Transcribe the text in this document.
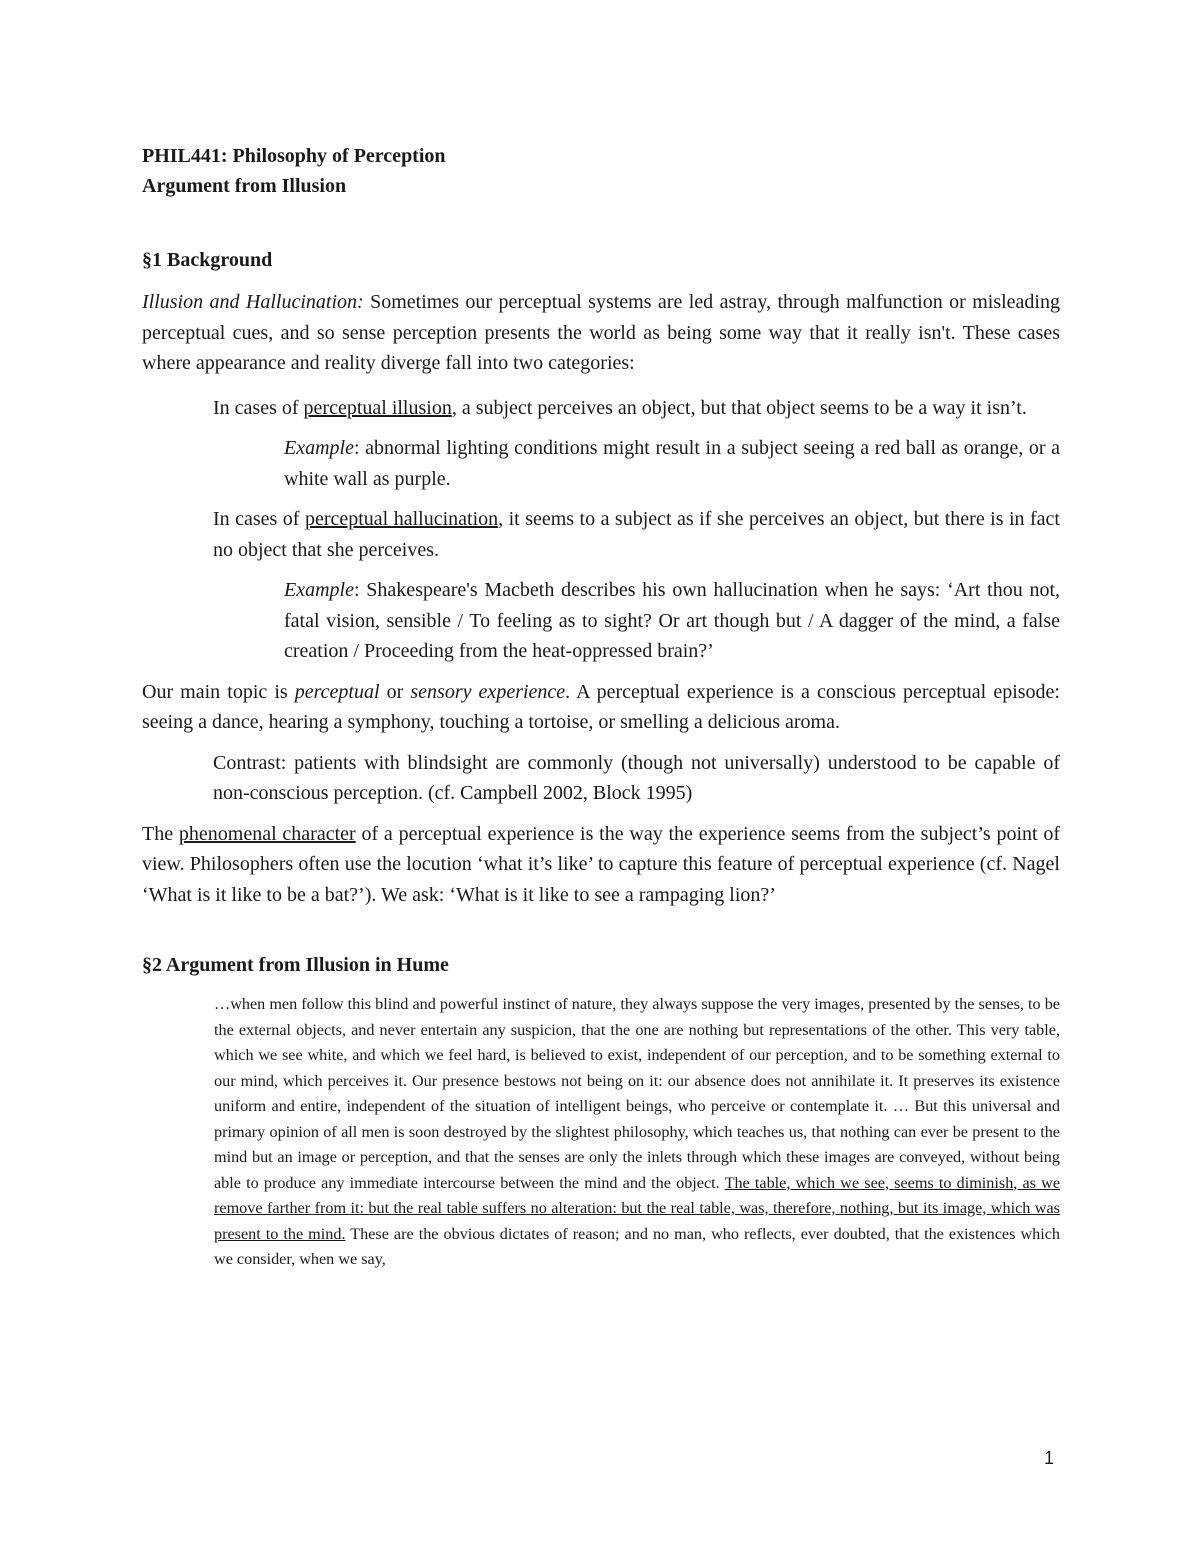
PHIL441: Philosophy of Perception

Argument from Illusion

§1 Background

Illusion and Hallucination: Sometimes our perceptual systems are led astray, through malfunction or misleading perceptual cues, and so sense perception presents the world as being some way that it really isn't. These cases where appearance and reality diverge fall into two categories:

In cases of perceptual illusion, a subject perceives an object, but that object seems to be a way it isn’t.

Example: abnormal lighting conditions might result in a subject seeing a red ball as orange, or a white wall as purple.

In cases of perceptual hallucination, it seems to a subject as if she perceives an object, but there is in fact no object that she perceives.

Example: Shakespeare's Macbeth describes his own hallucination when he says: ‘Art thou not, fatal vision, sensible / To feeling as to sight? Or art though but / A dagger of the mind, a false creation / Proceeding from the heat-oppressed brain?’

Our main topic is perceptual or sensory experience. A perceptual experience is a conscious perceptual episode: seeing a dance, hearing a symphony, touching a tortoise, or smelling a delicious aroma.

Contrast: patients with blindsight are commonly (though not universally) understood to be capable of non-conscious perception. (cf. Campbell 2002, Block 1995)

The phenomenal character of a perceptual experience is the way the experience seems from the subject’s point of view. Philosophers often use the locution ‘what it’s like’ to capture this feature of perceptual experience (cf. Nagel ‘What is it like to be a bat?’). We ask: ‘What is it like to see a rampaging lion?’

§2 Argument from Illusion in Hume

…when men follow this blind and powerful instinct of nature, they always suppose the very images, presented by the senses, to be the external objects, and never entertain any suspicion, that the one are nothing but representations of the other. This very table, which we see white, and which we feel hard, is believed to exist, independent of our perception, and to be something external to our mind, which perceives it. Our presence bestows not being on it: our absence does not annihilate it. It preserves its existence uniform and entire, independent of the situation of intelligent beings, who perceive or contemplate it. … But this universal and primary opinion of all men is soon destroyed by the slightest philosophy, which teaches us, that nothing can ever be present to the mind but an image or perception, and that the senses are only the inlets through which these images are conveyed, without being able to produce any immediate intercourse between the mind and the object. The table, which we see, seems to diminish, as we remove farther from it: but the real table suffers no alteration: but the real table, was, therefore, nothing, but its image, which was present to the mind. These are the obvious dictates of reason; and no man, who reflects, ever doubted, that the existences which we consider, when we say,

1
